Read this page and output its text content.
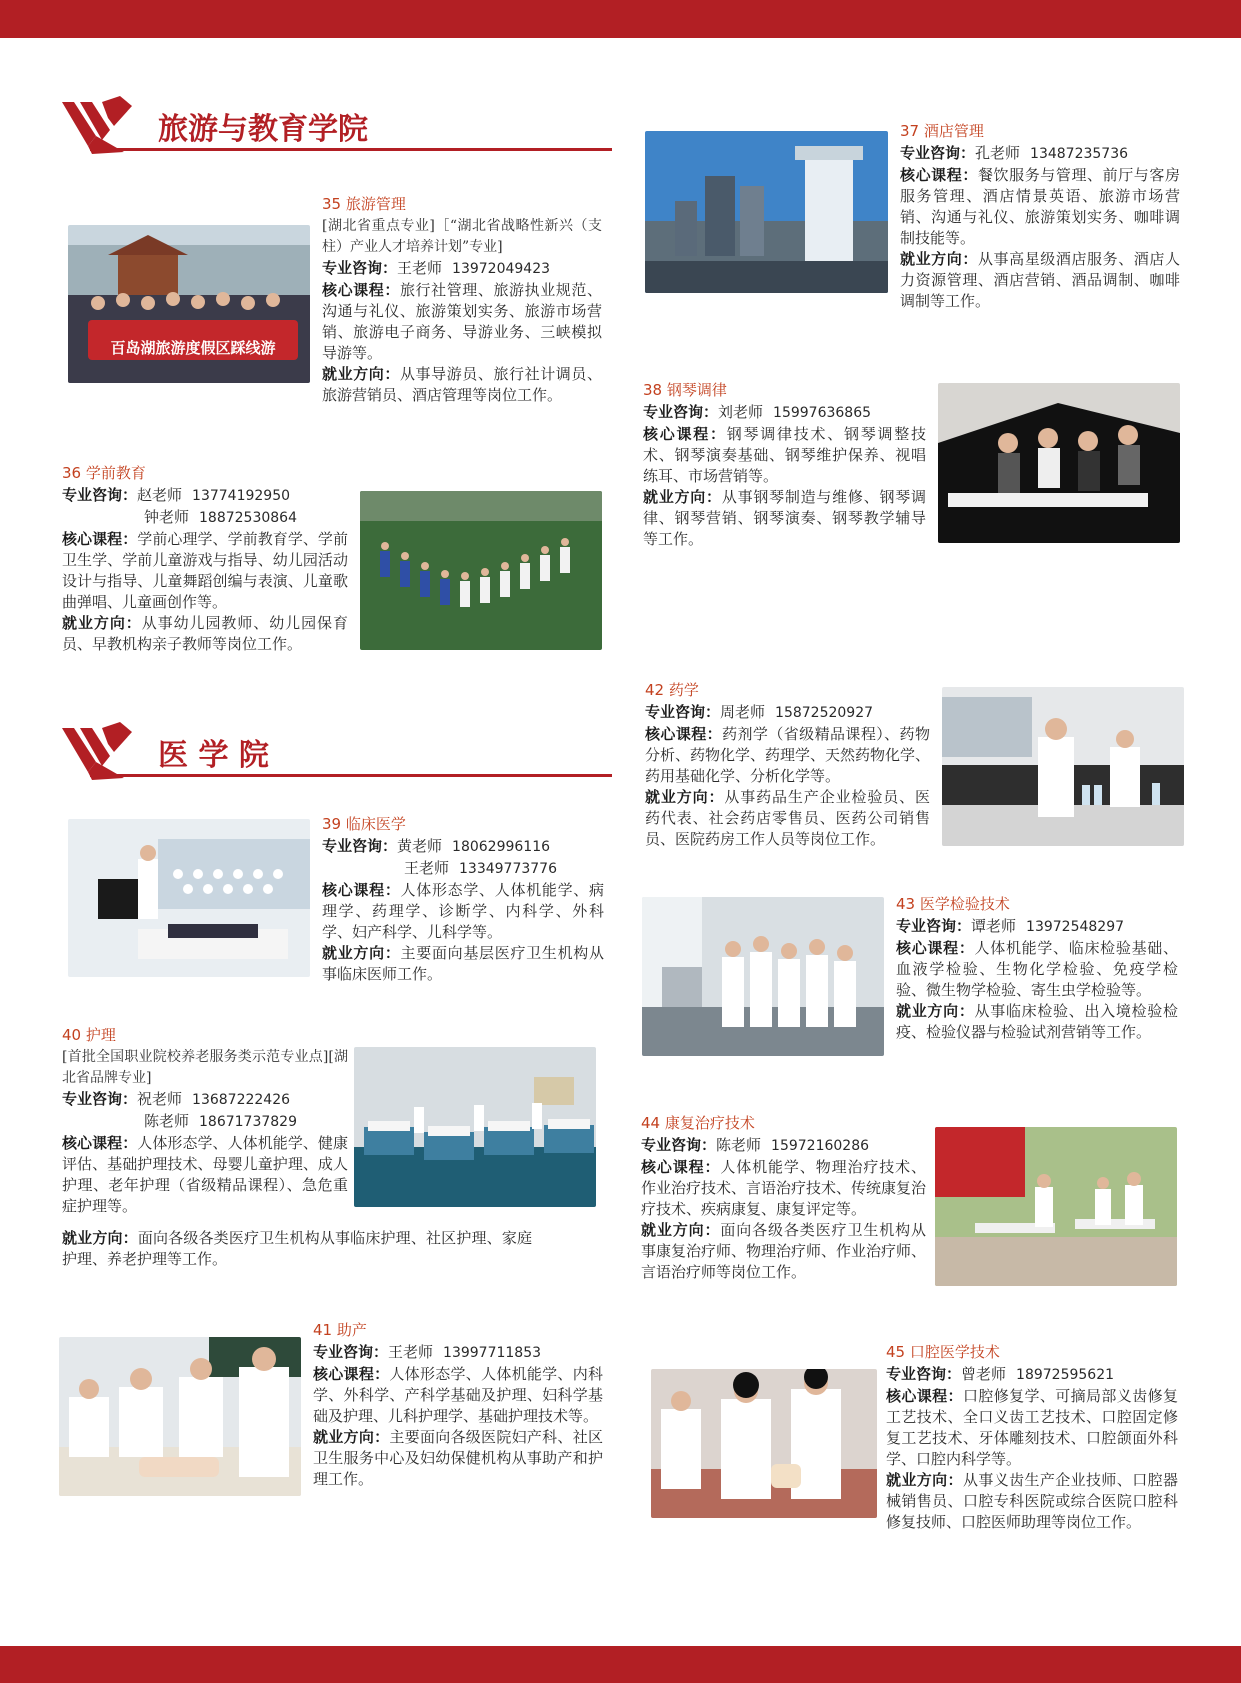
旅游与教育学院
医 学 院
百岛湖旅游度假区踩线游
35 旅游管理

[湖北省重点专业]［“湖北省战略性新兴（支柱）产业人才培养计划”专业]

专业咨询：王老师 13972049423

核心课程：旅行社管理、旅游执业规范、沟通与礼仪、旅游策划实务、旅游市场营销、旅游电子商务、导游业务、三峡模拟导游等。

就业方向：从事导游员、旅行社计调员、旅游营销员、酒店管理等岗位工作。

37 酒店管理

专业咨询：孔老师 13487235736

核心课程：餐饮服务与管理、前厅与客房服务管理、酒店情景英语、旅游市场营销、沟通与礼仪、旅游策划实务、咖啡调制技能等。

就业方向：从事高星级酒店服务、酒店人力资源管理、酒店营销、酒品调制、咖啡调制等工作。

38 钢琴调律

专业咨询：刘老师 15997636865

核心课程：钢琴调律技术、钢琴调整技术、钢琴演奏基础、钢琴维护保养、视唱练耳、市场营销等。

就业方向：从事钢琴制造与维修、钢琴调律、钢琴营销、钢琴演奏、钢琴教学辅导等工作。

36 学前教育

专业咨询：赵老师 13774192950

钟老师 18872530864

核心课程：学前心理学、学前教育学、学前卫生学、学前儿童游戏与指导、幼儿园活动设计与指导、儿童舞蹈创编与表演、儿童歌曲弹唱、儿童画创作等。

就业方向：从事幼儿园教师、幼儿园保育员、早教机构亲子教师等岗位工作。

42 药学

专业咨询：周老师 15872520927

核心课程：药剂学（省级精品课程）、药物分析、药物化学、药理学、天然药物化学、药用基础化学、分析化学等。

就业方向：从事药品生产企业检验员、医药代表、社会药店零售员、医药公司销售员、医院药房工作人员等岗位工作。

39 临床医学

专业咨询：黄老师 18062996116

王老师 13349773776

核心课程：人体形态学、人体机能学、病理学、药理学、诊断学、内科学、外科学、妇产科学、儿科学等。

就业方向：主要面向基层医疗卫生机构从事临床医师工作。

43 医学检验技术

专业咨询：谭老师 13972548297

核心课程：人体机能学、临床检验基础、血液学检验、生物化学检验、免疫学检验、微生物学检验、寄生虫学检验等。

就业方向：从事临床检验、出入境检验检疫、检验仪器与检验试剂营销等工作。

40 护理

[首批全国职业院校养老服务类示范专业点][湖北省品牌专业]

专业咨询：祝老师 13687222426

陈老师 18671737829

核心课程：人体形态学、人体机能学、健康评估、基础护理技术、母婴儿童护理、成人护理、老年护理（省级精品课程）、急危重症护理等。

就业方向：面向各级各类医疗卫生机构从事临床护理、社区护理、家庭护理、养老护理等工作。

44 康复治疗技术

专业咨询：陈老师 15972160286

核心课程：人体机能学、物理治疗技术、作业治疗技术、言语治疗技术、传统康复治疗技术、疾病康复、康复评定等。

就业方向：面向各级各类医疗卫生机构从事康复治疗师、物理治疗师、作业治疗师、言语治疗师等岗位工作。

41 助产

专业咨询：王老师 13997711853

核心课程：人体形态学、人体机能学、内科学、外科学、产科学基础及护理、妇科学基础及护理、儿科护理学、基础护理技术等。

就业方向：主要面向各级医院妇产科、社区卫生服务中心及妇幼保健机构从事助产和护理工作。

45 口腔医学技术

专业咨询：曾老师 18972595621

核心课程：口腔修复学、可摘局部义齿修复工艺技术、全口义齿工艺技术、口腔固定修复工艺技术、牙体雕刻技术、口腔颌面外科学、口腔内科学等。

就业方向：从事义齿生产企业技师、口腔器械销售员、口腔专科医院或综合医院口腔科修复技师、口腔医师助理等岗位工作。
